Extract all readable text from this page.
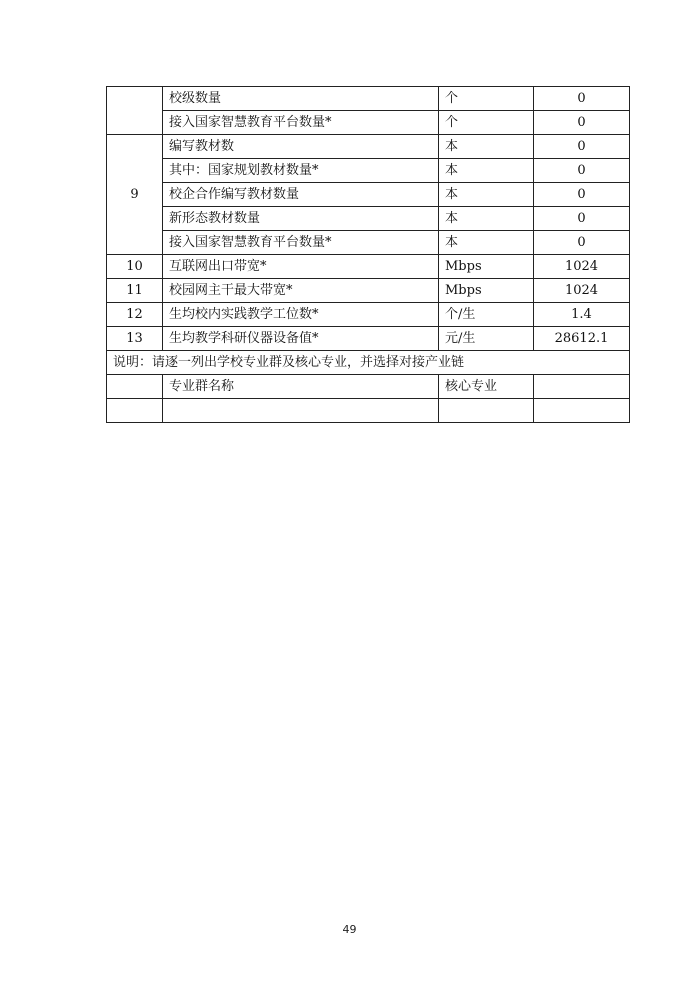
	校级数量	个	0
	接入国家智慧教育平台数量*	个	0
9	编写教材数	本	0
	其中：国家规划教材数量*	本	0
	校企合作编写教材数量	本	0
	新形态教材数量	本	0
	接入国家智慧教育平台数量*	本	0
10	互联网出口带宽*	Mbps	1024
11	校园网主干最大带宽*	Mbps	1024
12	生均校内实践教学工位数*	个/生	1.4
13	生均教学科研仪器设备值*	元/生	28612.1
说明：请逐一列出学校专业群及核心专业，并选择对接产业链			
	专业群名称	核心专业	

49
